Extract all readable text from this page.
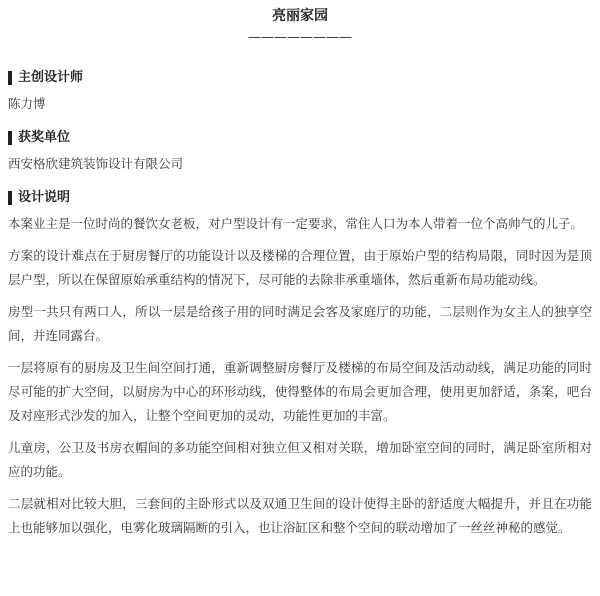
亮丽家园
————————
主创设计师
陈力博
获奖单位
西安格欣建筑装饰设计有限公司
设计说明

本案业主是一位时尚的餐饮女老板，对户型设计有一定要求，常住人口为本人带着一位个高帅气的儿子。

方案的设计难点在于厨房餐厅的功能设计以及楼梯的合理位置，由于原始户型的结构局限，同时因为是顶层户型，所以在保留原始承重结构的情况下，尽可能的去除非承重墙体，然后重新布局功能动线。

房型一共只有两口人，所以一层是给孩子用的同时满足会客及家庭厅的功能，二层则作为女主人的独享空间，并连同露台。

一层将原有的厨房及卫生间空间打通，重新调整厨房餐厅及楼梯的布局空间及活动动线，满足功能的同时尽可能的扩大空间，以厨房为中心的环形动线，使得整体的布局会更加合理，使用更加舒适，条案，吧台及对座形式沙发的加入，让整个空间更加的灵动，功能性更加的丰富。

儿童房，公卫及书房衣帽间的多功能空间相对独立但又相对关联，增加卧室空间的同时，满足卧室所相对应的功能。

二层就相对比较大胆，三套间的主卧形式以及双通卫生间的设计使得主卧的舒适度大幅提升，并且在功能上也能够加以强化，电雾化玻璃隔断的引入，也让浴缸区和整个空间的联动增加了一丝丝神秘的感觉。
